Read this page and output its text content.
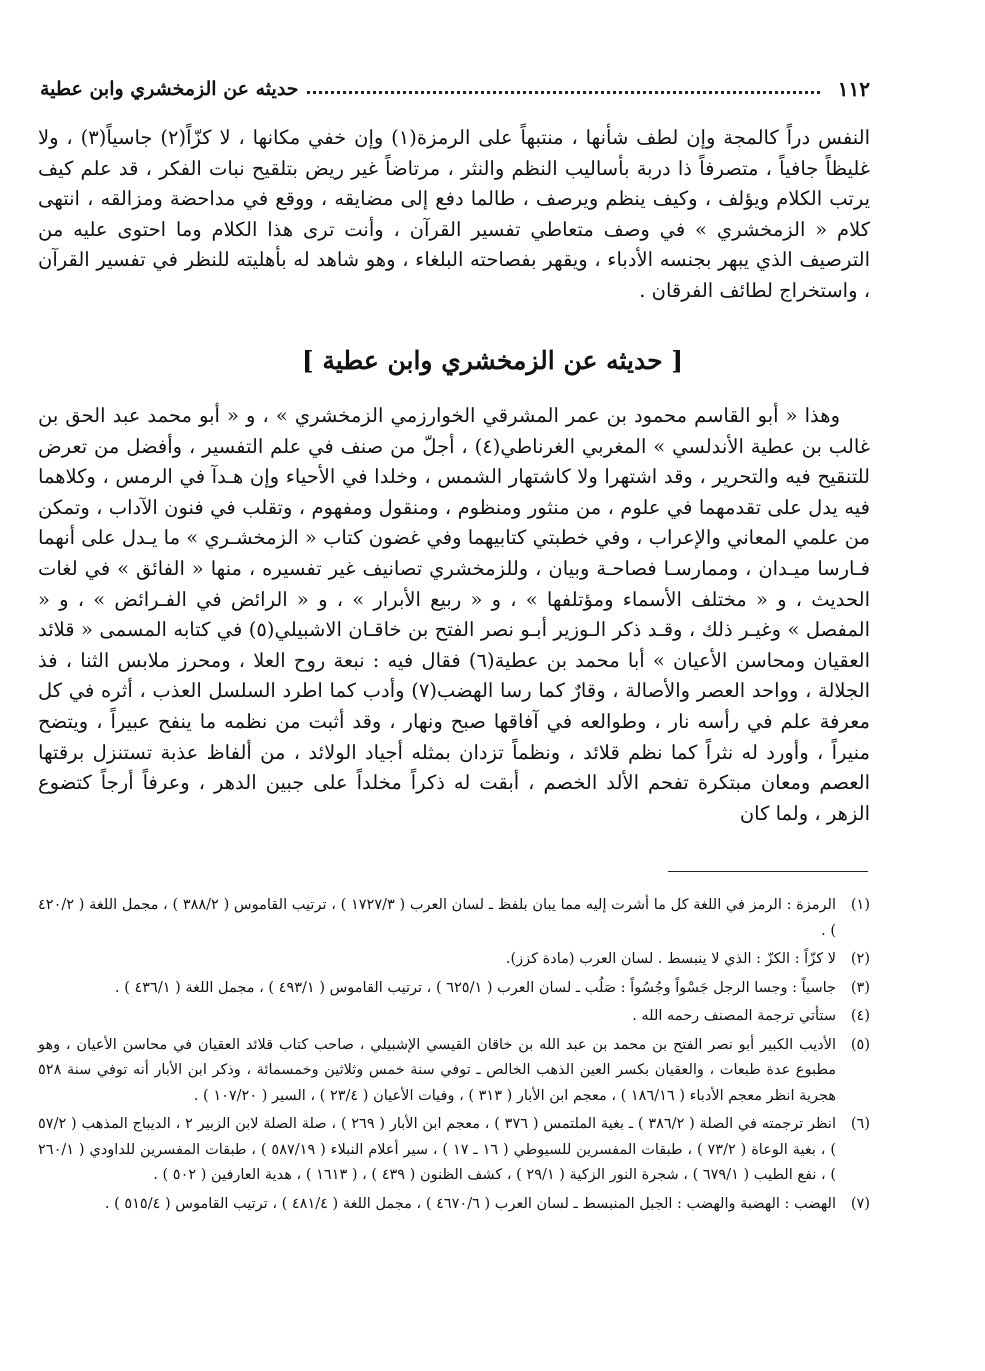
١١٢
حديثه عن الزمخشري وابن عطية

النفس دراً كالمجة وإن لطف شأنها ، منتبهاً على الرمزة(١) وإن خفي مكانها ، لا كزّاً(٢) جاسياً(٣) ، ولا غليظاً جافياً ، متصرفاً ذا دربة بأساليب النظم والنثر ، مرتاضاً غير ريض بتلقيح نبات الفكر ، قد علم كيف يرتب الكلام ويؤلف ، وكيف ينظم ويرصف ، طالما دفع إلى مضايقه ، ووقع في مداحضة ومزالقه ، انتهى كلام « الزمخشري » في وصف متعاطي تفسير القرآن ، وأنت ترى هذا الكلام وما احتوى عليه من الترصيف الذي يبهر بجنسه الأدباء ، ويقهر بفصاحته البلغاء ، وهو شاهد له بأهليته للنظر في تفسير القرآن ، واستخراج لطائف الفرقان .

[ حديثه عن الزمخشري وابن عطية ]

وهذا « أبو القاسم محمود بن عمر المشرقي الخوارزمي الزمخشري » ، و « أبو محمد عبد الحق بن غالب بن عطية الأندلسي » المغربي الغرناطي(٤) ، أجلّ من صنف في علم التفسير ، وأفضل من تعرض للتنقيح فيه والتحرير ، وقد اشتهرا ولا كاشتهار الشمس ، وخلدا في الأحياء وإن هـدآ في الرمس ، وكلاهما فيه يدل على تقدمهما في علوم ، من منثور ومنظوم ، ومنقول ومفهوم ، وتقلب في فنون الآداب ، وتمكن من علمي المعاني والإعراب ، وفي خطبتي كتابيهما وفي غضون كتاب « الزمخشـري » ما يـدل على أنهما فـارسا ميـدان ، وممارسـا فصاحـة وبيان ، وللزمخشري تصانيف غير تفسيره ، منها « الفائق » في لغات الحديث ، و « مختلف الأسماء ومؤتلفها » ، و « ربيع الأبرار » ، و « الرائض في الفـرائض » ، و « المفصل » وغيـر ذلك ، وقـد ذكر الـوزير أبـو نصر الفتح بن خاقـان الاشبيلي(٥) في كتابه المسمى « قلائد العقيان ومحاسن الأعيان » أبا محمد بن عطية(٦) فقال فيه : نبعة روح العلا ، ومحرز ملابس الثنا ، فذ الجلالة ، وواحد العصر والأصالة ، وقارٌ كما رسا الهضب(٧) وأدب كما اطرد السلسل العذب ، أثره في كل معرفة علم في رأسه نار ، وطوالعه في آفاقها صبح ونهار ، وقد أثبت من نظمه ما ينفح عبيراً ، ويتضح منيراً ، وأورد له نثراً كما نظم قلائد ، ونظماً تزدان بمثله أجياد الولائد ، من ألفاظ عذبة تستنزل برقتها العصم ومعان مبتكرة تفحم الألد الخصم ، أبقت له ذكراً مخلداً على جبين الدهر ، وعرفاً أرجاً كتضوع الزهر ، ولما كان

(١)
الرمزة : الرمز في اللغة كل ما أشرت إليه مما يبان بلفظ ـ لسان العرب ( ١٧٢٧/٣ ) ، ترتيب القاموس ( ٣٨٨/٢ ) ، مجمل اللغة ( ٤٢٠/٢ ) .
(٢)
لا كزّاً : الكزّ : الذي لا ينبسط . لسان العرب (مادة كزز).
(٣)
جاسياً : وجسا الرجل جَسْواً وجُسُواً : صَلُب ـ لسان العرب ( ٦٢٥/١ ) ، ترتيب القاموس ( ٤٩٣/١ ) ، مجمل اللغة ( ٤٣٦/١ ) .
(٤)
ستأتي ترجمة المصنف رحمه الله .
(٥)
الأديب الكبير أبو نصر الفتح بن محمد بن عبد الله بن خاقان القيسي الإشبيلي ، صاحب كتاب قلائد العقيان في محاسن الأعيان ، وهو مطبوع عدة طبعات ، والعقيان بكسر العين الذهب الخالص ـ توفي سنة خمس وثلاثين وخمسمائة ، وذكر ابن الأبار أنه توفي سنة ٥٢٨ هجرية انظر معجم الأدباء ( ١٨٦/١٦ ) ، معجم ابن الأبار ( ٣١٣ ) ، وفيات الأعيان ( ٢٣/٤ ) ، السير ( ١٠٧/٢٠ ) .
(٦)
انظر ترجمته في الصلة ( ٣٨٦/٢ ) ـ بغية الملتمس ( ٣٧٦ ) ، معجم ابن الأبار ( ٢٦٩ ) ، صلة الصلة لابن الزبير ٢ ، الديباج المذهب ( ٥٧/٢ ) ، بغية الوعاة ( ٧٣/٢ ) ، طبقات المفسرين للسيوطي ( ١٦ ـ ١٧ ) ، سير أعلام النبلاء ( ٥٨٧/١٩ ) ، طبقات المفسرين للداودي ( ٢٦٠/١ ) ، نفع الطيب ( ٦٧٩/١ ) ، شجرة النور الزكية ( ٢٩/١ ) ، كشف الظنون ( ٤٣٩ ) ، ( ١٦١٣ ) ، هدية العارفين ( ٥٠٢ ) .
(٧)
الهضب : الهضبة والهضب : الجبل المنبسط ـ لسان العرب ( ٤٦٧٠/٦ ) ، مجمل اللغة ( ٤٨١/٤ ) ، ترتيب القاموس ( ٥١٥/٤ ) .
